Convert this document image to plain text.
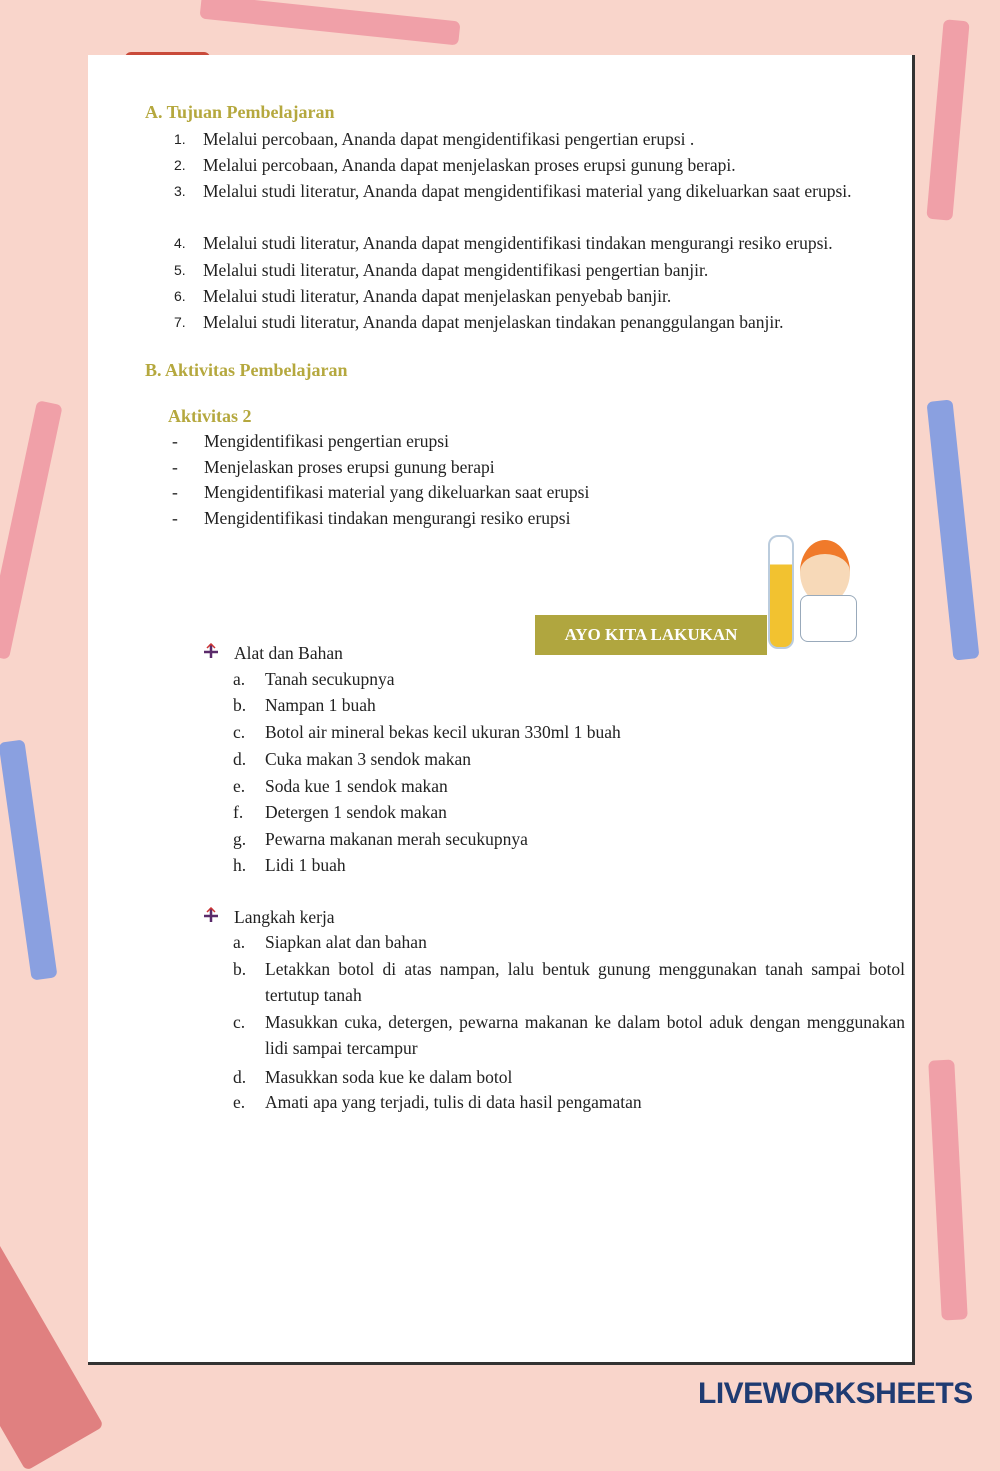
A. Tujuan Pembelajaran
1. Melalui percobaan, Ananda dapat mengidentifikasi pengertian erupsi .
2. Melalui percobaan, Ananda dapat menjelaskan proses erupsi gunung berapi.
3. Melalui studi literatur, Ananda dapat mengidentifikasi material yang dikeluarkan saat erupsi.
4. Melalui studi literatur, Ananda dapat mengidentifikasi tindakan mengurangi resiko erupsi.
5. Melalui studi literatur, Ananda dapat mengidentifikasi pengertian banjir.
6. Melalui studi literatur, Ananda dapat menjelaskan penyebab banjir.
7. Melalui studi literatur, Ananda dapat menjelaskan tindakan penanggulangan banjir.
B. Aktivitas Pembelajaran
Aktivitas 2
-	Mengidentifikasi pengertian erupsi
-	Menjelaskan proses erupsi gunung berapi
-	Mengidentifikasi material yang dikeluarkan saat erupsi
-	Mengidentifikasi tindakan mengurangi resiko erupsi
AYO KITA LAKUKAN
Alat dan Bahan
a.	Tanah secukupnya
b.	Nampan 1 buah
c.	Botol air mineral bekas kecil ukuran 330ml 1 buah
d.	Cuka makan 3 sendok makan
e.	Soda kue 1 sendok makan
f.	Detergen 1 sendok makan
g.	Pewarna makanan merah secukupnya
h.	Lidi 1 buah
Langkah kerja
a.	Siapkan alat dan bahan
b.	Letakkan botol di atas nampan, lalu bentuk gunung menggunakan tanah sampai botol tertutup tanah
c.	Masukkan cuka, detergen, pewarna makanan ke dalam botol aduk dengan menggunakan lidi sampai tercampur
d.	Masukkan soda kue ke dalam botol
e.	Amati apa yang terjadi, tulis di data hasil pengamatan
LIVEWORKSHEETS
